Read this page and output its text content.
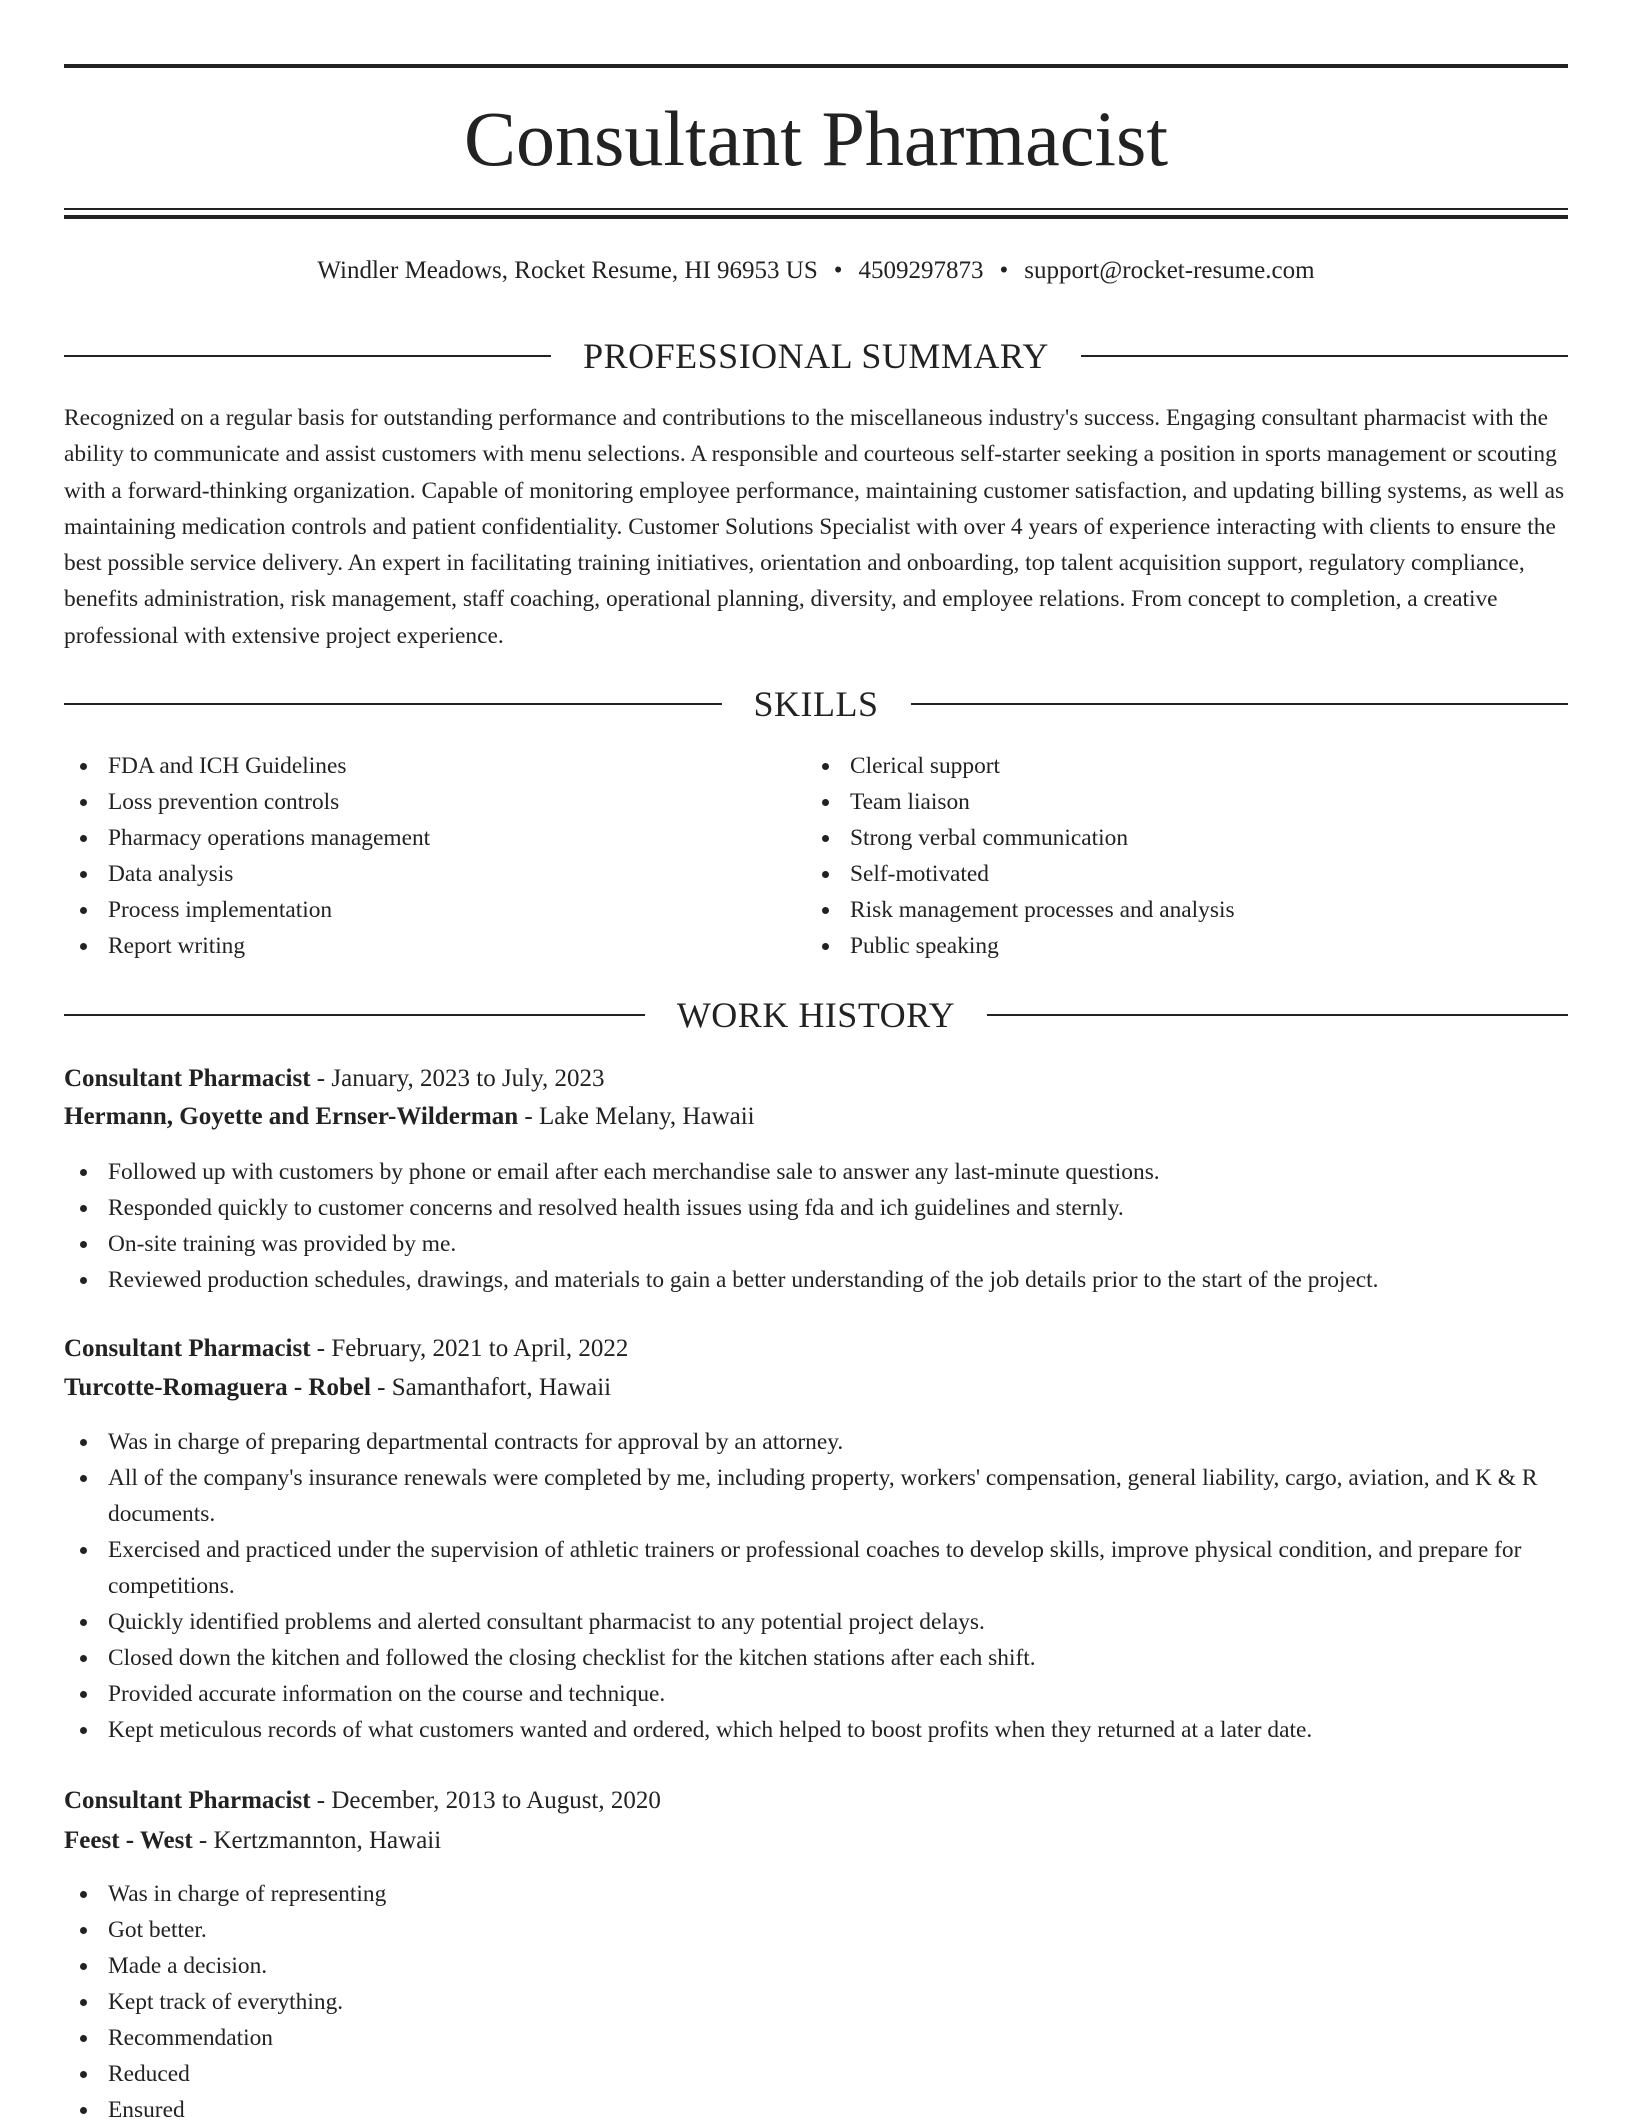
Consultant Pharmacist
Windler Meadows, Rocket Resume, HI 96953 US • 4509297873 • support@rocket-resume.com
PROFESSIONAL SUMMARY

Recognized on a regular basis for outstanding performance and contributions to the miscellaneous industry's success. Engaging consultant pharmacist with the ability to communicate and assist customers with menu selections. A responsible and courteous self-starter seeking a position in sports management or scouting with a forward-thinking organization. Capable of monitoring employee performance, maintaining customer satisfaction, and updating billing systems, as well as maintaining medication controls and patient confidentiality. Customer Solutions Specialist with over 4 years of experience interacting with clients to ensure the best possible service delivery. An expert in facilitating training initiatives, orientation and onboarding, top talent acquisition support, regulatory compliance, benefits administration, risk management, staff coaching, operational planning, diversity, and employee relations. From concept to completion, a creative professional with extensive project experience.

SKILLS
FDA and ICH Guidelines
Loss prevention controls
Pharmacy operations management
Data analysis
Process implementation
Report writing
Clerical support
Team liaison
Strong verbal communication
Self-motivated
Risk management processes and analysis
Public speaking
WORK HISTORY
Consultant Pharmacist - January, 2023 to July, 2023
Hermann, Goyette and Ernser-Wilderman - Lake Melany, Hawaii
Followed up with customers by phone or email after each merchandise sale to answer any last-minute questions.
Responded quickly to customer concerns and resolved health issues using fda and ich guidelines and sternly.
On-site training was provided by me.
Reviewed production schedules, drawings, and materials to gain a better understanding of the job details prior to the start of the project.
Consultant Pharmacist - February, 2021 to April, 2022
Turcotte-Romaguera - Robel - Samanthafort, Hawaii
Was in charge of preparing departmental contracts for approval by an attorney.
All of the company's insurance renewals were completed by me, including property, workers' compensation, general liability, cargo, aviation, and K & R documents.
Exercised and practiced under the supervision of athletic trainers or professional coaches to develop skills, improve physical condition, and prepare for competitions.
Quickly identified problems and alerted consultant pharmacist to any potential project delays.
Closed down the kitchen and followed the closing checklist for the kitchen stations after each shift.
Provided accurate information on the course and technique.
Kept meticulous records of what customers wanted and ordered, which helped to boost profits when they returned at a later date.
Consultant Pharmacist - December, 2013 to August, 2020
Feest - West - Kertzmannton, Hawaii
Was in charge of representing
Got better.
Made a decision.
Kept track of everything.
Recommendation
Reduced
Ensured
